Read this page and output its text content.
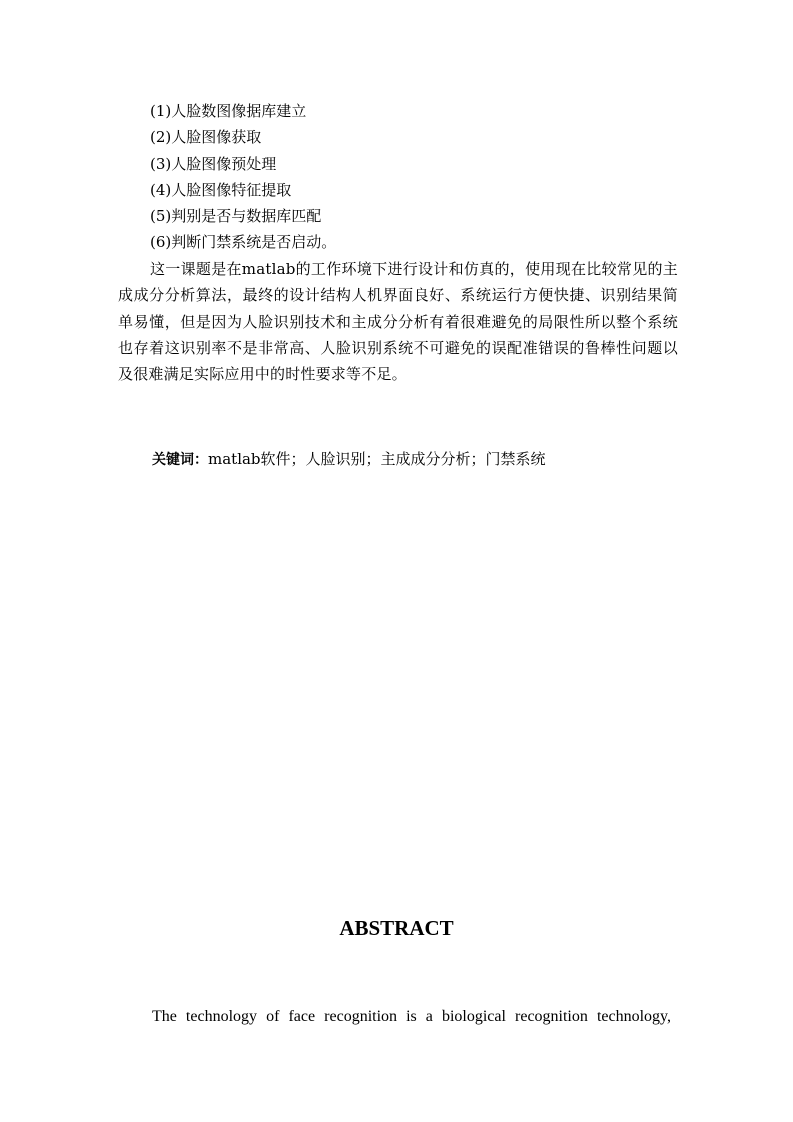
(1)人脸数图像据库建立
(2)人脸图像获取
(3)人脸图像预处理
(4)人脸图像特征提取
(5)判别是否与数据库匹配
(6)判断门禁系统是否启动。

这一课题是在matlab的工作环境下进行设计和仿真的，使用现在比较常见的主成成分分析算法，最终的设计结构人机界面良好、系统运行方便快捷、识别结果简单易懂，但是因为人脸识别技术和主成分分析有着很难避免的局限性所以整个系统也存着这识别率不是非常高、人脸识别系统不可避免的误配准错误的鲁棒性问题以及很难满足实际应用中的时性要求等不足。

关键词：matlab软件；人脸识别；主成成分分析；门禁系统
ABSTRACT

The technology of face recognition is a biological recognition technology,
